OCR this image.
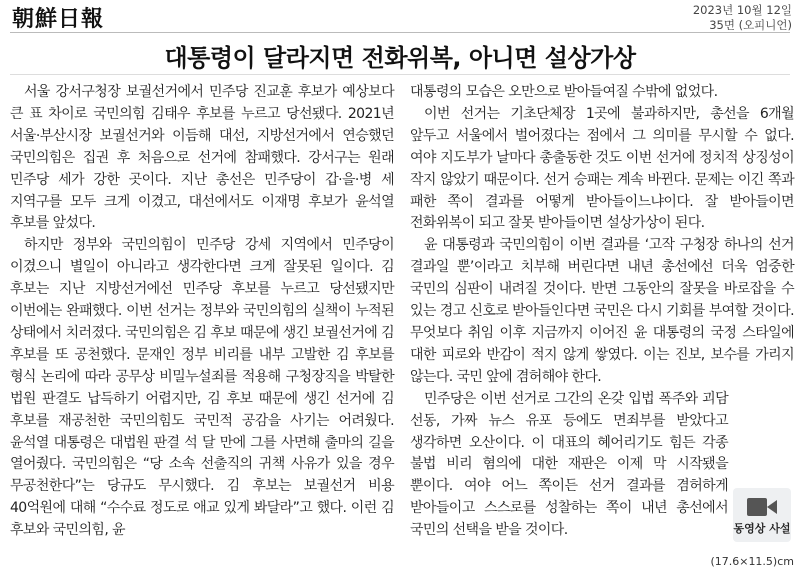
朝鮮日報	2023년 10월 12일
35면 (오피니언)
대통령이 달라지면 전화위복, 아니면 설상가상

서울 강서구청장 보궐선거에서 민주당 진교훈 후보가 예상보다 큰 표 차이로 국민의힘 김태우 후보를 누르고 당선됐다. 2021년 서울·부산시장 보궐선거와 이듬해 대선, 지방선거에서 연승했던 국민의힘은 집권 후 처음으로 선거에 참패했다. 강서구는 원래 민주당 세가 강한 곳이다. 지난 총선은 민주당이 갑·을·병 세 지역구를 모두 크게 이겼고, 대선에서도 이재명 후보가 윤석열 후보를 앞섰다.

하지만 정부와 국민의힘이 민주당 강세 지역에서 민주당이 이겼으니 별일이 아니라고 생각한다면 크게 잘못된 일이다. 김 후보는 지난 지방선거에선 민주당 후보를 누르고 당선됐지만 이번에는 완패했다. 이번 선거는 정부와 국민의힘의 실책이 누적된 상태에서 치러졌다. 국민의힘은 김 후보 때문에 생긴 보궐선거에 김 후보를 또 공천했다. 문재인 정부 비리를 내부 고발한 김 후보를 형식 논리에 따라 공무상 비밀누설죄를 적용해 구청장직을 박탈한 법원 판결도 납득하기 어렵지만, 김 후보 때문에 생긴 선거에 김 후보를 재공천한 국민의힘도 국민적 공감을 사기는 어려웠다. 윤석열 대통령은 대법원 판결 석 달 만에 그를 사면해 출마의 길을 열어줬다. 국민의힘은 “당 소속 선출직의 귀책 사유가 있을 경우 무공천한다”는 당규도 무시했다. 김 후보는 보궐선거 비용 40억원에 대해 “수수료 정도로 애교 있게 봐달라”고 했다. 이런 김 후보와 국민의힘, 윤

대통령의 모습은 오만으로 받아들여질 수밖에 없었다.

이번 선거는 기초단체장 1곳에 불과하지만, 총선을 6개월 앞두고 서울에서 벌어졌다는 점에서 그 의미를 무시할 수 없다. 여야 지도부가 날마다 총출동한 것도 이번 선거에 정치적 상징성이 작지 않았기 때문이다. 선거 승패는 계속 바뀐다. 문제는 이긴 쪽과 패한 쪽이 결과를 어떻게 받아들이느냐이다. 잘 받아들이면 전화위복이 되고 잘못 받아들이면 설상가상이 된다.

윤 대통령과 국민의힘이 이번 결과를 ‘고작 구청장 하나의 선거 결과일 뿐’이라고 치부해 버린다면 내년 총선에선 더욱 엄중한 국민의 심판이 내려질 것이다. 반면 그동안의 잘못을 바로잡을 수 있는 경고 신호로 받아들인다면 국민은 다시 기회를 부여할 것이다. 무엇보다 취임 이후 지금까지 이어진 윤 대통령의 국정 스타일에 대한 피로와 반감이 적지 않게 쌓였다. 이는 진보, 보수를 가리지 않는다. 국민 앞에 겸허해야 한다.

민주당은 이번 선거로 그간의 온갖 입법 폭주와 괴담 선동, 가짜 뉴스 유포 등에도 면죄부를 받았다고 생각하면 오산이다. 이 대표의 혜어리기도 힘든 각종 불법 비리 혐의에 대한 재판은 이제 막 시작됐을 뿐이다. 여야 어느 쪽이든 선거 결과를 겸허하게 받아들이고 스스로를 성찰하는 쪽이 내년 총선에서 국민의 선택을 받을 것이다.	동영상 사설
(17.6×11.5)cm
